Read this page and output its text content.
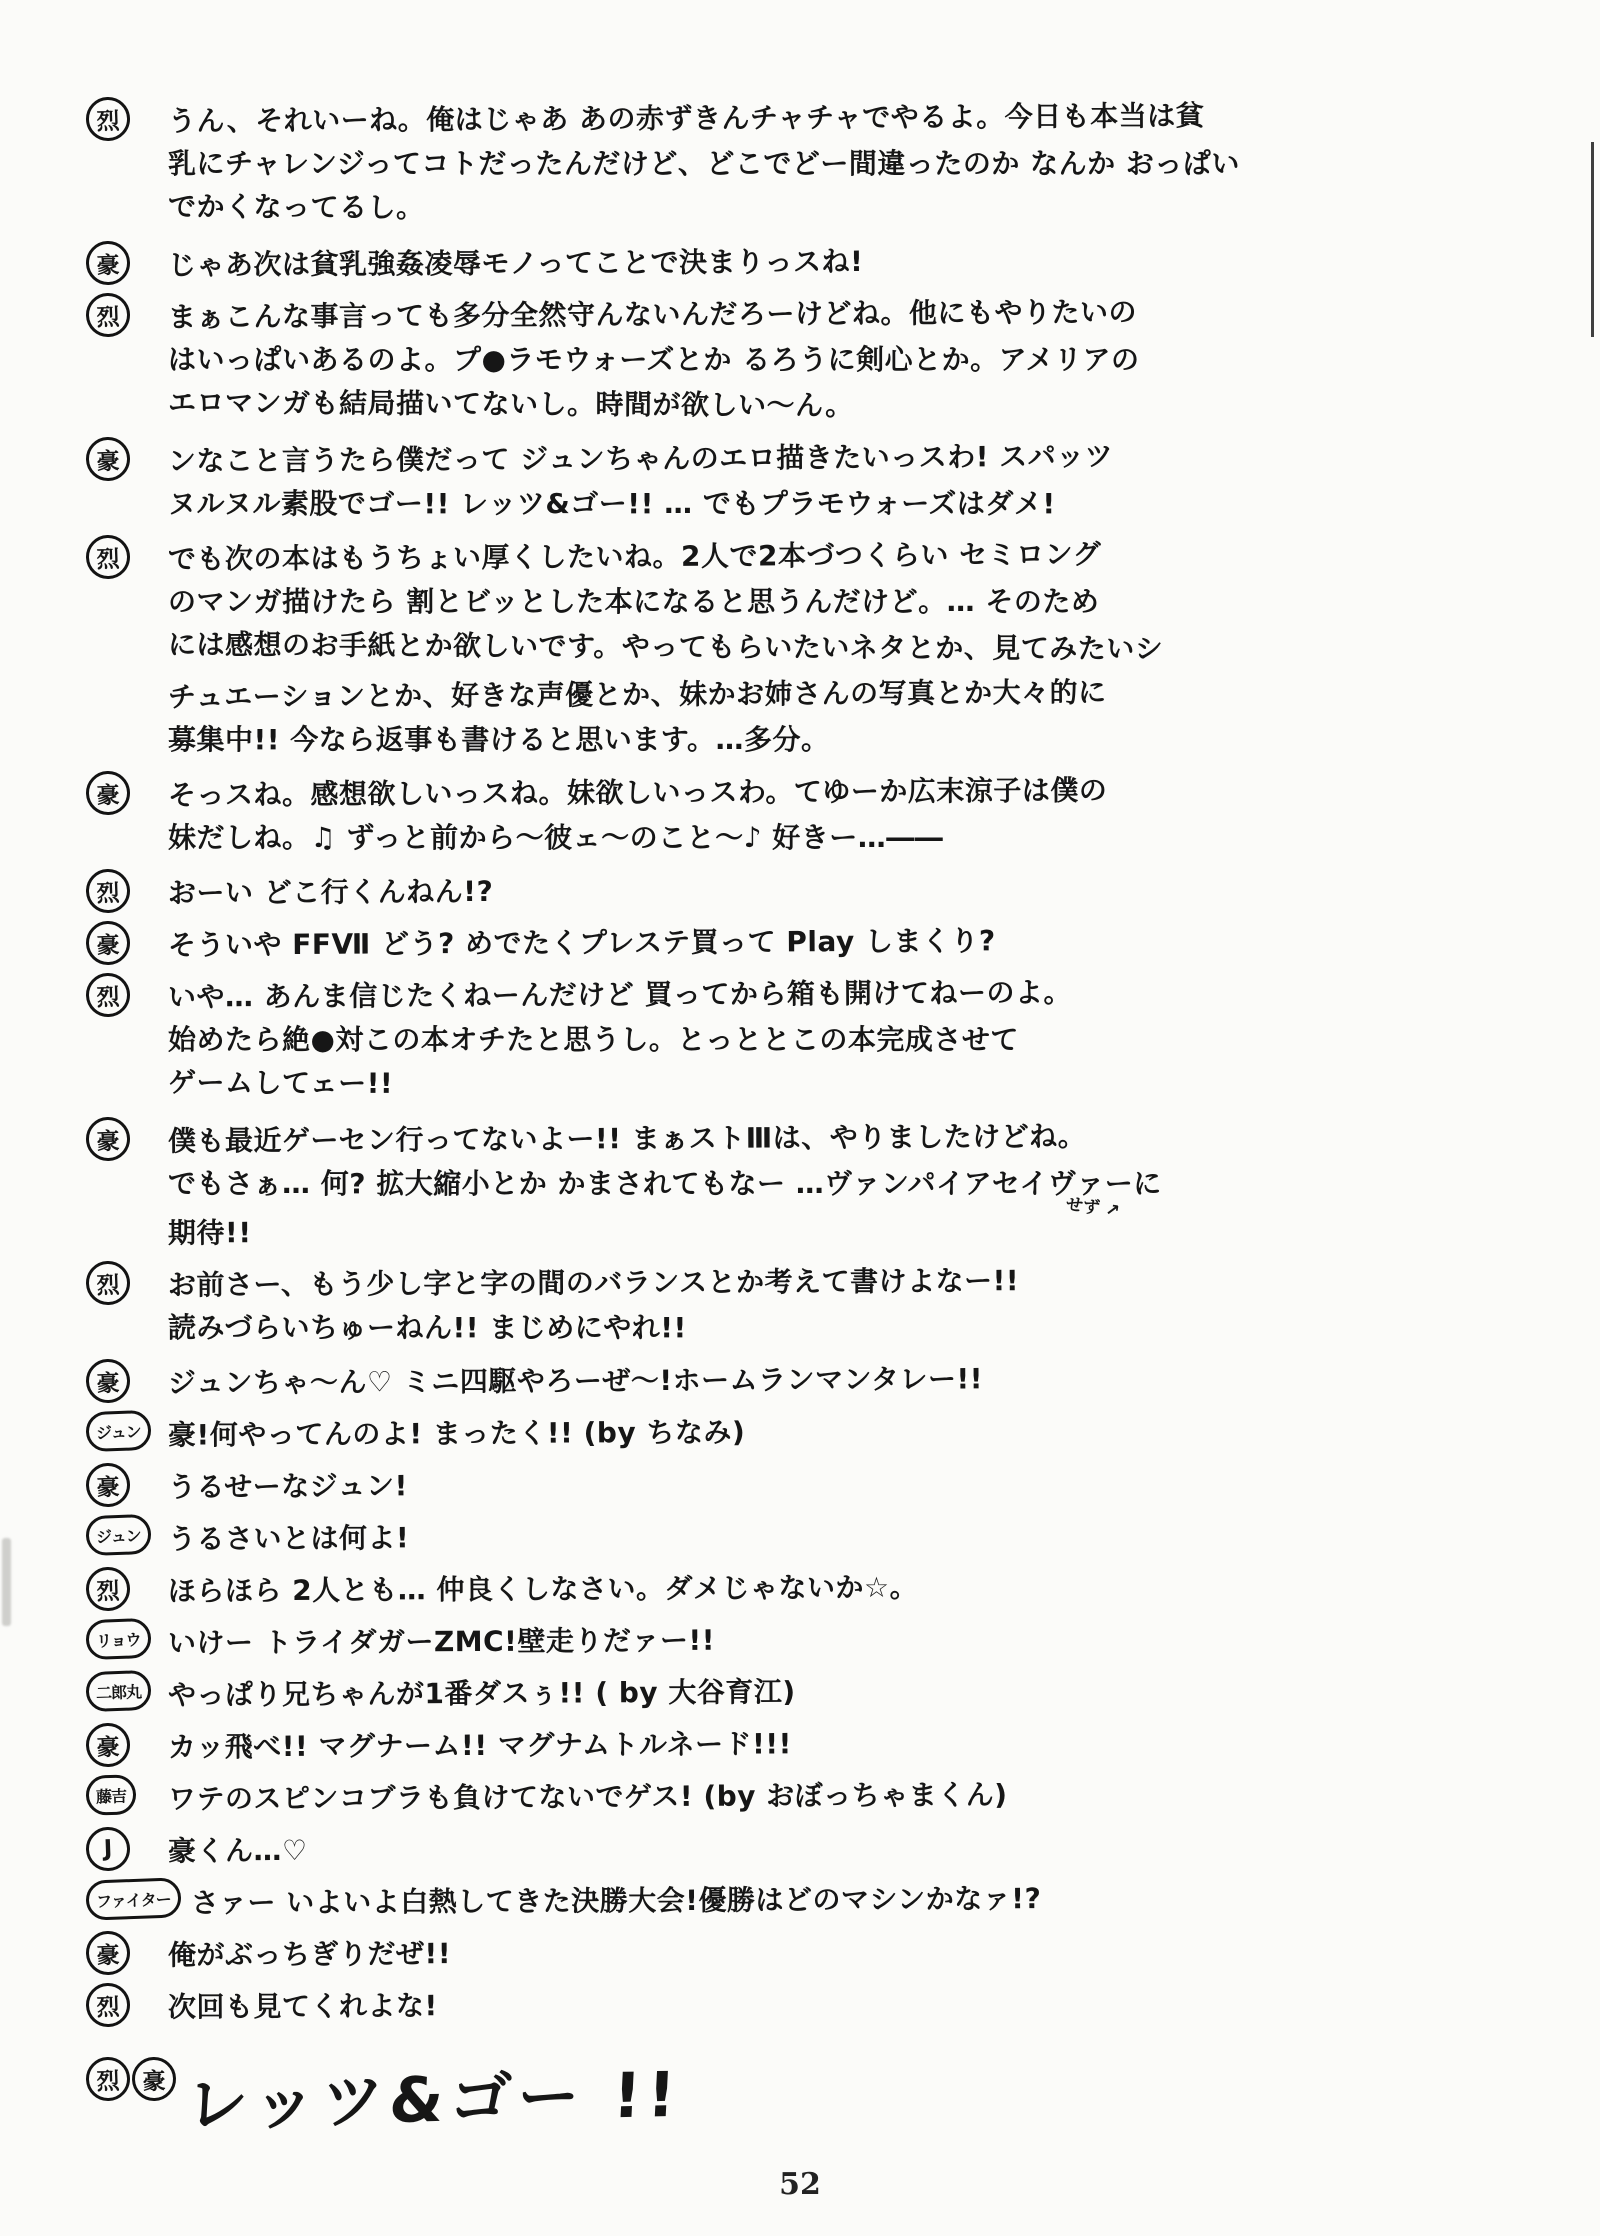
烈	うん、それいーね。俺はじゃあ あの赤ずきんチャチャでやるよ。今日も本当は貧
乳にチャレンジってコトだったんだけど、どこでどー間違ったのか なんか おっぱい
でかくなってるし。
豪	じゃあ次は貧乳強姦凌辱モノってことで決まりっスね!
烈	まぁこんな事言っても多分全然守んないんだろーけどね。他にもやりたいの
はいっぱいあるのよ。プ●ラモウォーズとか るろうに剣心とか。アメリアの
エロマンガも結局描いてないし。時間が欲しい〜ん。
豪	ンなこと言うたら僕だって ジュンちゃんのエロ描きたいっスわ! スパッツ
ヌルヌル素股でゴー!! レッツ&ゴー!! … でもプラモウォーズはダメ!
烈	でも次の本はもうちょい厚くしたいね。2人で2本づつくらい セミロング
のマンガ描けたら 割とビッとした本になると思うんだけど。… そのため
には感想のお手紙とか欲しいです。やってもらいたいネタとか、見てみたいシ
チュエーションとか、好きな声優とか、妹かお姉さんの写真とか大々的に
募集中!! 今なら返事も書けると思います。…多分。
豪	そっスね。感想欲しいっスね。妹欲しいっスわ。てゆーか広末涼子は僕の
妹だしね。♫ ずっと前から〜彼ェ〜のこと〜♪ 好きー…――
烈	おーい どこ行くんねん!?
豪	そういや FFⅦ どう? めでたくプレステ買って Play しまくり?
烈	いや… あんま信じたくねーんだけど 買ってから箱も開けてねーのよ。
始めたら絶●対この本オチたと思うし。とっととこの本完成させて
ゲームしてェー!!
豪	僕も最近ゲーセン行ってないよー!! まぁストⅢは、やりましたけどね。
でもさぁ… 何? 拡大縮小とか かまされてもなー …ヴァンパイアセイヴァーに
せず ↗
期待!!
烈	お前さー、もう少し字と字の間のバランスとか考えて書けよなー!!
読みづらいちゅーねん!! まじめにやれ!!
豪	ジュンちゃ〜ん♡ ミニ四駆やろーぜ〜!ホームランマンタレー!!
ジュン 豪!何やってんのよ! まったく!! (by ちなみ)
豪	うるせーなジュン!
ジュン うるさいとは何よ!
烈	ほらほら 2人とも… 仲良くしなさい。ダメじゃないか☆。
リョウ いけー トライダガーZMC!壁走りだァー!!
二郎丸 やっぱり兄ちゃんが1番ダスぅ!! ( by 大谷育江)
豪	カッ飛べ!! マグナーム!! マグナムトルネード!!!
藤吉	ワテのスピンコブラも負けてないでゲス! (by おぼっちゃまくん)
J	豪くん…♡
ファイター さァー いよいよ白熱してきた決勝大会!優勝はどのマシンかなァ!?
豪	俺がぶっちぎりだぜ!!
烈	次回も見てくれよな!
烈 豪 レッツ&ゴー !!
52
